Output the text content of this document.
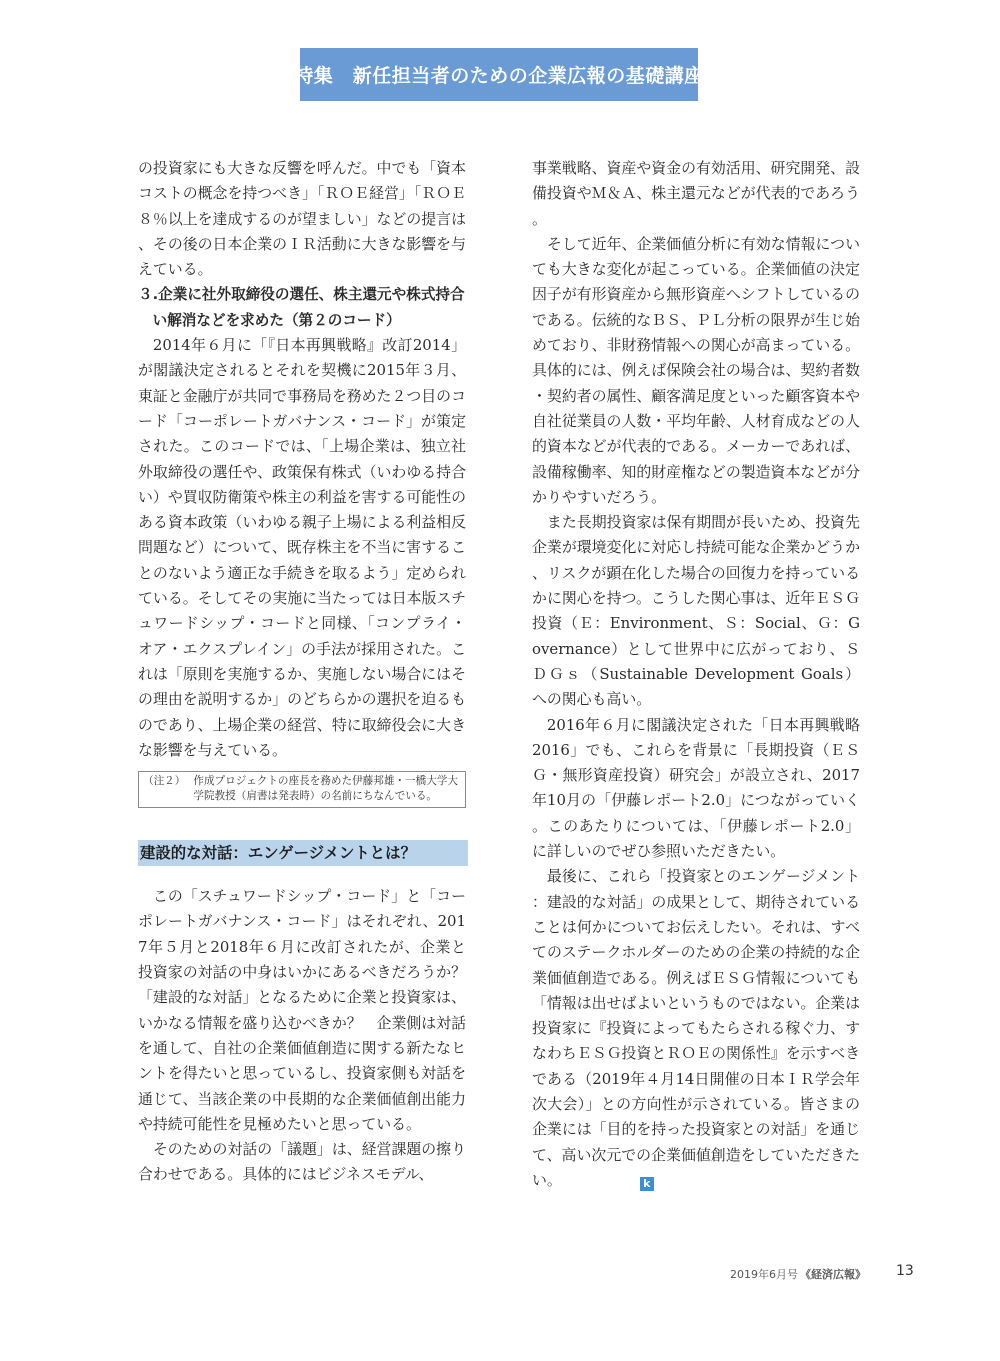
特集　新任担当者のための企業広報の基礎講座

の投資家にも大きな反響を呼んだ。中でも「資本コストの概念を持つべき」「ＲＯＥ経営」「ＲＯＥ８％以上を達成するのが望ましい」などの提言は、その後の日本企業のＩＲ活動に大きな影響を与えている。

３.企業に社外取締役の選任、株主還元や株式持合い解消などを求めた（第２のコード）

2014年６月に「『日本再興戦略』改訂2014」が閣議決定されるとそれを契機に2015年３月、東証と金融庁が共同で事務局を務めた２つ目のコード「コーポレートガバナンス・コード」が策定された。このコードでは、「上場企業は、独立社外取締役の選任や、政策保有株式（いわゆる持合い）や買収防衛策や株主の利益を害する可能性のある資本政策（いわゆる親子上場による利益相反問題など）について、既存株主を不当に害することのないよう適正な手続きを取るよう」定められている。そしてその実施に当たっては日本版スチュワードシップ・コードと同様、「コンプライ・オア・エクスプレイン」の手法が採用された。これは「原則を実施するか、実施しない場合にはその理由を説明するか」のどちらかの選択を迫るものであり、上場企業の経営、特に取締役会に大きな影響を与えている。

（注２） 作成プロジェクトの座長を務めた伊藤邦雄・一橋大学大学院教授（肩書は発表時）の名前にちなんでいる。
建設的な対話：エンゲージメントとは？

この「スチュワードシップ・コード」と「コーポレートガバナンス・コード」はそれぞれ、2017年５月と2018年６月に改訂されたが、企業と投資家の対話の中身はいかにあるべきだろうか？　「建設的な対話」となるために企業と投資家は、いかなる情報を盛り込むべきか？　企業側は対話を通して、自社の企業価値創造に関する新たなヒントを得たいと思っているし、投資家側も対話を通じて、当該企業の中長期的な企業価値創出能力や持続可能性を見極めたいと思っている。

そのための対話の「議題」は、経営課題の擦り合わせである。具体的にはビジネスモデル、

事業戦略、資産や資金の有効活用、研究開発、設備投資やＭ＆Ａ、株主還元などが代表的であろう。

そして近年、企業価値分析に有効な情報についても大きな変化が起こっている。企業価値の決定因子が有形資産から無形資産へシフトしているのである。伝統的なＢＳ、ＰＬ分析の限界が生じ始めており、非財務情報への関心が高まっている。具体的には、例えば保険会社の場合は、契約者数・契約者の属性、顧客満足度といった顧客資本や自社従業員の人数・平均年齢、人材育成などの人的資本などが代表的である。メーカーであれば、設備稼働率、知的財産権などの製造資本などが分かりやすいだろう。

また長期投資家は保有期間が長いため、投資先企業が環境変化に対応し持続可能な企業かどうか、リスクが顕在化した場合の回復力を持っているかに関心を持つ。こうした関心事は、近年ＥＳＧ投資（Ｅ：Environment、Ｓ：Social、Ｇ：Governance）として世界中に広がっており、ＳＤＧｓ（Sustainable Development Goals）への関心も高い。

2016年６月に閣議決定された「日本再興戦略2016」でも、これらを背景に「長期投資（ＥＳＧ・無形資産投資）研究会」が設立され、2017年10月の「伊藤レポート2.0」につながっていく。このあたりについては、「伊藤レポート2.0」に詳しいのでぜひ参照いただきたい。

最後に、これら「投資家とのエンゲージメント：建設的な対話」の成果として、期待されていることは何かについてお伝えしたい。それは、すべてのステークホルダーのための企業の持続的な企業価値創造である。例えばＥＳＧ情報についても「情報は出せばよいというものではない。企業は投資家に『投資によってもたらされる稼ぐ力、すなわちＥＳＧ投資とＲＯＥの関係性』を示すべきである（2019年４月14日開催の日本ＩＲ学会年次大会）」との方向性が示されている。皆さまの企業には「目的を持った投資家との対話」を通じて、高い次元での企業価値創造をしていただきたい。	k

2019年6月号 《経済広報》 13
